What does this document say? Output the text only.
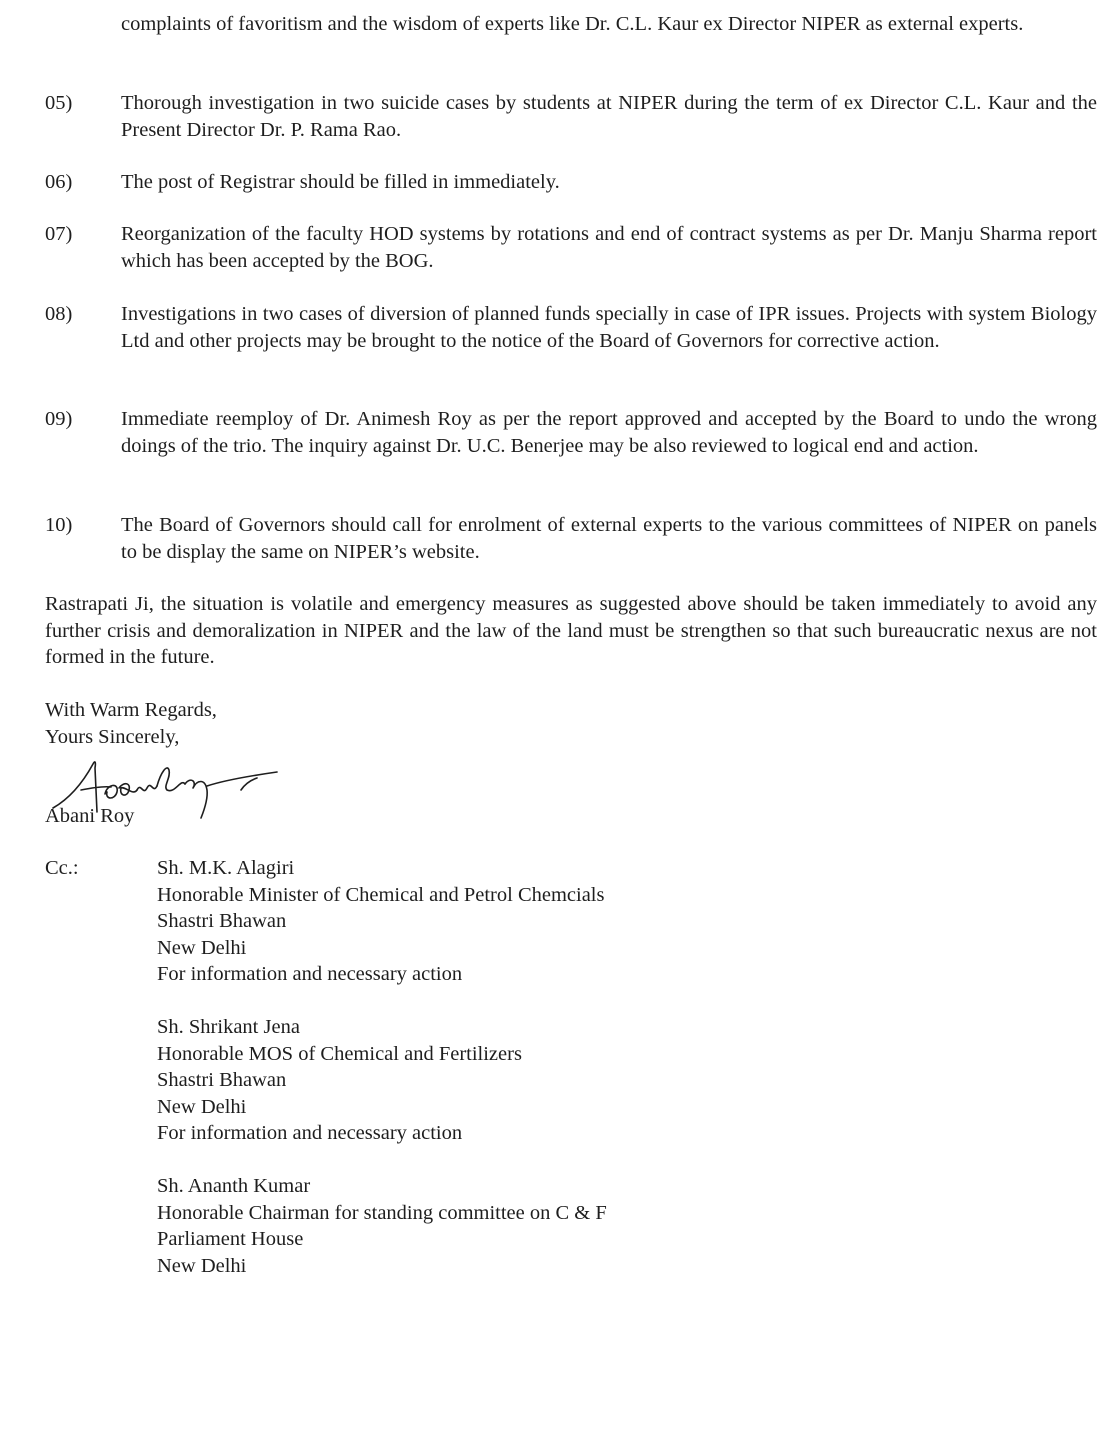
complaints of favoritism and the wisdom of experts like Dr. C.L. Kaur ex Director NIPER as external experts.
05)	Thorough investigation in two suicide cases by students at NIPER during the term of ex Director C.L. Kaur and the Present Director Dr. P. Rama Rao.
06)	The post of Registrar should be filled in immediately.
07)	Reorganization of the faculty HOD systems by rotations and end of contract systems as per Dr. Manju Sharma report which has been accepted by the BOG.
08)	Investigations in two cases of diversion of planned funds specially in case of IPR issues. Projects with system Biology Ltd and other projects may be brought to the notice of the Board of Governors for corrective action.
09)	Immediate reemploy of Dr. Animesh Roy as per the report approved and accepted by the Board to undo the wrong doings of the trio. The inquiry against Dr. U.C. Benerjee may be also reviewed to logical end and action.
10)	The Board of Governors should call for enrolment of external experts to the various committees of NIPER on panels to be display the same on NIPER’s website.
Rastrapati Ji, the situation is volatile and emergency measures as suggested above should be taken immediately to avoid any further crisis and demoralization in NIPER and the law of the land must be strengthen so that such bureaucratic nexus are not formed in the future.
With Warm Regards,
Yours Sincerely,
Abani Roy
Cc.:	Sh. M.K. Alagiri
Honorable Minister of Chemical and Petrol Chemcials
Shastri Bhawan
New Delhi
For information and necessary action
Sh. Shrikant Jena
Honorable MOS of Chemical and Fertilizers
Shastri Bhawan
New Delhi
For information and necessary action
Sh. Ananth Kumar
Honorable Chairman for standing committee on C & F
Parliament House
New Delhi
